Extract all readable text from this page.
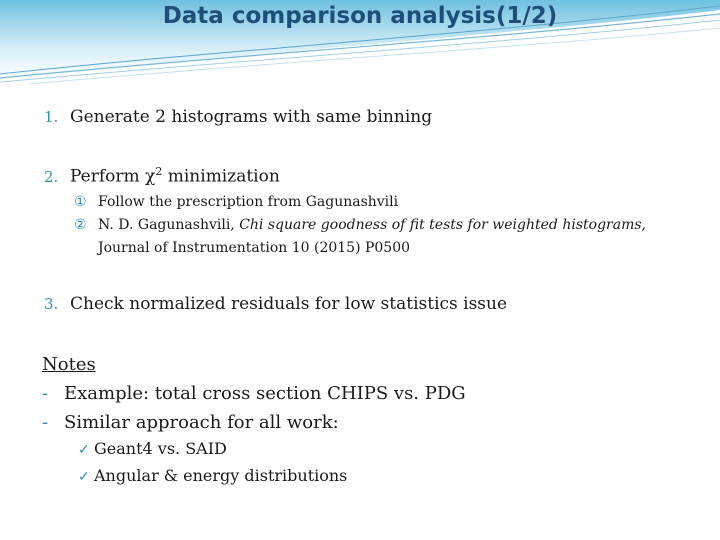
Data comparison analysis(1/2)
1. Generate 2 histograms with same binning
2. Perform $\chi^2$ minimization
① Follow the prescription from Gagunashvili
② N. D. Gagunashvili, Chi square goodness of fit tests for weighted histograms,
Journal of Instrumentation 10 (2015) P0500
3. Check normalized residuals for low statistics issue
Notes
- Example: total cross section CHIPS vs. PDG
- Similar approach for all work:
✓ Geant4 vs. SAID
✓ Angular & energy distributions
